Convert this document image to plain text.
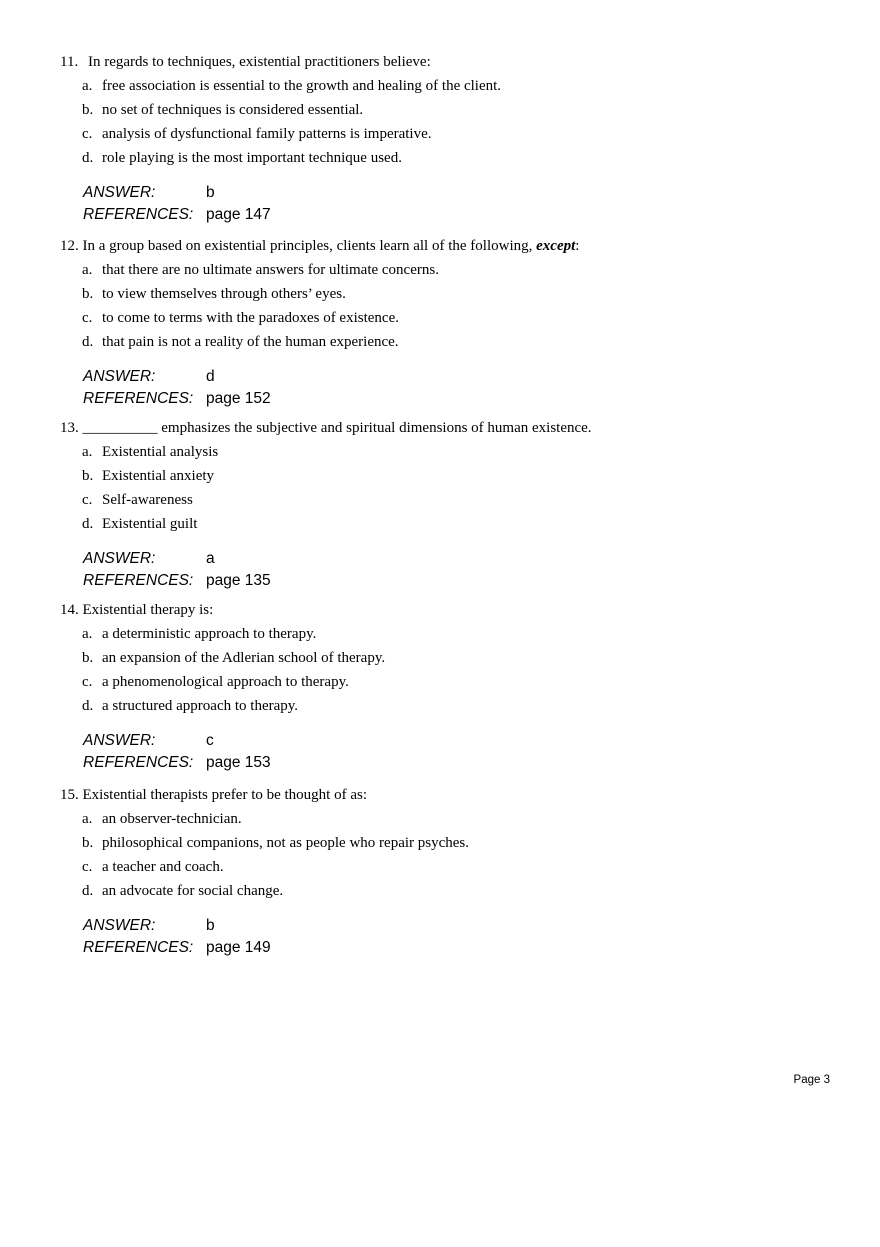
11. In regards to techniques, existential practitioners believe:
a. free association is essential to the growth and healing of the client.
b. no set of techniques is considered essential.
c. analysis of dysfunctional family patterns is imperative.
d. role playing is the most important technique used.
ANSWER:	b
REFERENCES: page 147
12. In a group based on existential principles, clients learn all of the following, except:
a. that there are no ultimate answers for ultimate concerns.
b. to view themselves through others’ eyes.
c. to come to terms with the paradoxes of existence.
d. that pain is not a reality of the human experience.
ANSWER:	d
REFERENCES: page 152
13. __________ emphasizes the subjective and spiritual dimensions of human existence.
a. Existential analysis
b. Existential anxiety
c. Self-awareness
d. Existential guilt
ANSWER:	a
REFERENCES: page 135
14. Existential therapy is:
a. a deterministic approach to therapy.
b. an expansion of the Adlerian school of therapy.
c. a phenomenological approach to therapy.
d. a structured approach to therapy.
ANSWER:	c
REFERENCES: page 153
15. Existential therapists prefer to be thought of as:
a. an observer-technician.
b. philosophical companions, not as people who repair psyches.
c. a teacher and coach.
d. an advocate for social change.
ANSWER:	b
REFERENCES: page 149
Page 3
